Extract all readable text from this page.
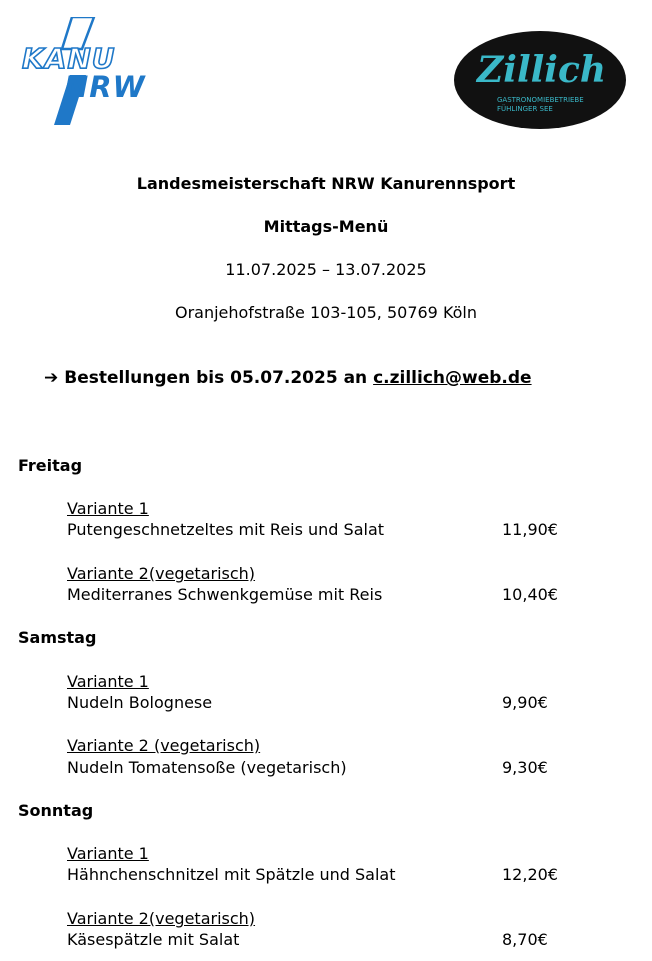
KANU
NRW	Zillich
GASTRONOMIEBETRIEBE
FÜHLINGER SEE
Landesmeisterschaft NRW Kanurennsport
Mittags-Menü
11.07.2025 – 13.07.2025
Oranjehofstraße 103-105, 50769 Köln
➔ Bestellungen bis 05.07.2025 an c.zillich@web.de
Freitag
Variante 1
Putengeschnetzeltes mit Reis und Salat	11,90€
Variante 2(vegetarisch)
Mediterranes Schwenkgemüse mit Reis	10,40€
Samstag
Variante 1
Nudeln Bolognese	9,90€
Variante 2 (vegetarisch)
Nudeln Tomatensoße (vegetarisch)	9,30€
Sonntag
Variante 1
Hähnchenschnitzel mit Spätzle und Salat	12,20€
Variante 2(vegetarisch)
Käsespätzle mit Salat	8,70€
